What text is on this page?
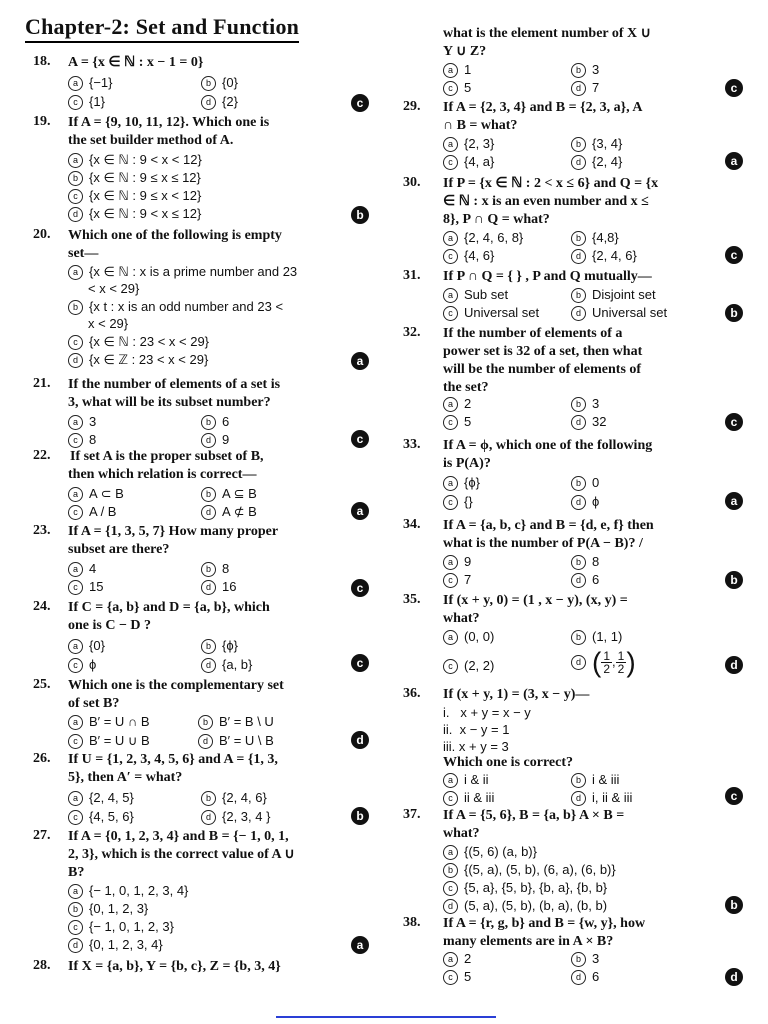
Chapter-2: Set and Function
18. A = {x ∈ ℕ : x − 1 = 0}
a {−1}	b {0}
c {1}	d {2}	c
19. If A = {9, 10, 11, 12}. Which one is
the set builder method of A.
a {x ∈ ℕ : 9 < x < 12}
b {x ∈ ℕ : 9 ≤ x ≤ 12}
c {x ∈ ℕ : 9 ≤ x < 12}
d {x ∈ ℕ : 9 < x ≤ 12}	b
20. Which one of the following is empty
set—
a {x ∈ ℕ : x is a prime number and 23
< x < 29}
b {x t : x is an odd number and 23 <
x < 29}
c {x ∈ ℕ : 23 < x < 29}
d {x ∈ ℤ : 23 < x < 29}	a
21. If the number of elements of a set is
3, what will be its subset number?
a 3	b 6
c 8	d 9	c
22. If set A is the proper subset of B,
then which relation is correct—
a A ⊂ B	b A ⊆ B
c A / B	d A ⊄ B	a
23. If A = {1, 3, 5, 7} How many proper
subset are there?
a 4	b 8
c 15	d 16	c
24. If C = {a, b} and D = {a, b}, which
one is C − D ?
a {0}	b {ϕ}
c ϕ	d {a, b}	c
25. Which one is the complementary set
of set B?
a B′ = U ∩ B	b B′ = B \ U
c B′ = U ∪ B	d B′ = U \ B	d
26. If U = {1, 2, 3, 4, 5, 6} and A = {1, 3,
5}, then A′ = what?
a {2, 4, 5}	b {2, 4, 6}
c {4, 5, 6}	d {2, 3, 4 }	b
27. If A = {0, 1, 2, 3, 4} and B = {− 1, 0, 1,
2, 3}, which is the correct value of A ∪
B?
a {− 1, 0, 1, 2, 3, 4}
b {0, 1, 2, 3}
c {− 1, 0, 1, 2, 3}
d {0, 1, 2, 3, 4}	a
28. If X = {a, b}, Y = {b, c}, Z = {b, 3, 4}
what is the element number of X ∪
Y ∪ Z?
a 1	b 3
c 5	d 7	c
29. If A = {2, 3, 4} and B = {2, 3, a}, A
∩ B = what?
a {2, 3}	b {3, 4}
c {4, a}	d {2, 4}	a
30. If P = {x ∈ ℕ : 2 < x ≤ 6} and Q = {x
∈ ℕ : x is an even number and x ≤
8}, P ∩ Q = what?
a {2, 4, 6, 8}	b {4,8}
c {4, 6}	d {2, 4, 6}	c
31. If P ∩ Q = { } , P and Q mutually—
a Sub set	b Disjoint set
c Universal set	d Universal set	b
32. If the number of elements of a
power set is 32 of a set, then what
will be the number of elements of
the set?
a 2	b 3
c 5	d 32	c
33. If A = ϕ, which one of the following
is P(A)?
a {ϕ}	b 0
c {}	d ϕ	a
34. If A = {a, b, c} and B = {d, e, f} then
what is the number of P(A − B)? /
a 9	b 8
c 7	d 6	b
35. If (x + y, 0) = (1 , x − y), (x, y) =
what?
a (0, 0)	b (1, 1)
c (2, 2)	d ( $\frac{1}{2}$ , $\frac{1}{2}$ )	d
36. If (x + y, 1) = (3, x − y)—
i.   x + y = x − y
ii.  x − y = 1
iii. x + y = 3
Which one is correct?
a i & ii	b i & iii
c ii & iii	d i, ii & iii	c
37. If A = {5, 6}, B = {a, b} A × B =
what?
a {(5, 6) (a, b)}
b {(5, a), (5, b), (6, a), (6, b)}
c {5, a}, {5, b}, {b, a}, {b, b}
d (5, a), (5, b), (b, a), (b, b)	b
38. If A = {r, g, b} and B = {w, y}, how
many elements are in A × B?
a 2	b 3
c 5	d 6	d
